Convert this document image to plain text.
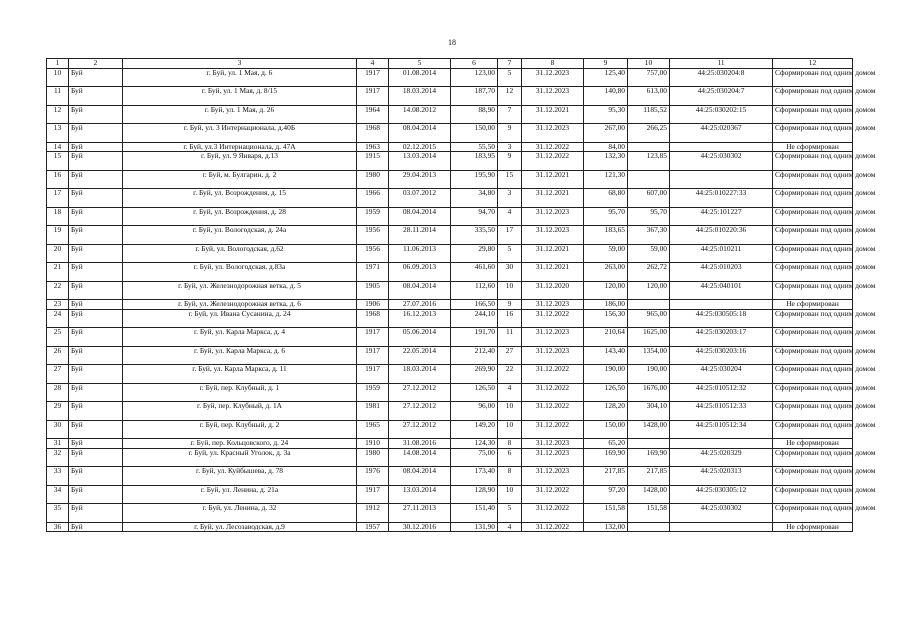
18
1	2	3	4	5	6	7	8	9	10	11	12
10	Буй	г. Буй, ул. 1 Мая, д. 6	1917	01.08.2014	123,00	5	31.12.2023	125,40	757,00	44:25:030204:8	Сформирован под одним домом
11	Буй	г. Буй, ул. 1 Мая, д. 8/15	1917	18.03.2014	187,70	12	31.12.2023	140,80	613,00	44:25:030204:7	Сформирован под одним домом
12	Буй	г. Буй, ул. 1 Мая, д. 26	1964	14.08.2012	88,90	7	31.12.2021	95,30	1185,52	44:25:030202:15	Сформирован под одним домом
13	Буй	г. Буй, ул. 3 Интернационала, д.40Б	1968	08.04.2014	150,00	9	31.12.2023	267,00	266,25	44:25:020367	Сформирован под одним домом
14	Буй	г. Буй, ул.3 Интернационала, д. 47А	1963	02.12.2015	55,50	3	31.12.2022	84,00			Не сформирован
15	Буй	г. Буй, ул. 9 Января, д.13	1915	13.03.2014	183,95	9	31.12.2022	132,30	123,85	44:25:030302	Сформирован под одним домом
16	Буй	г. Буй, м. Булгарин, д. 2	1980	29.04.2013	195,90	15	31.12.2021	121,30			Сформирован под одним домом
17	Буй	г. Буй, ул. Возрождения, д. 15	1966	03.07.2012	34,80	3	31.12.2021	68,80	607,00	44:25:010227:33	Сформирован под одним домом
18	Буй	г. Буй, ул. Возрождения, д. 28	1959	08.04.2014	94,70	4	31.12.2023	95,70	95,70	44:25:101227	Сформирован под одним домом
19	Буй	г. Буй, ул. Вологодская, д. 24а	1956	28.11.2014	335,50	17	31.12.2023	183,65	367,30	44:25:010220:36	Сформирован под одним домом
20	Буй	г. Буй, ул. Вологодская, д.62	1956	11.06.2013	29,80	5	31.12.2021	59,00	59,00	44:25:010211	Сформирован под одним домом
21	Буй	г. Буй, ул. Вологодская, д.83а	1971	06.09.2013	461,60	30	31.12.2021	263,00	262,72	44:25:010203	Сформирован под одним домом
22	Буй	г. Буй, ул. Железнодорожная ветка, д. 5	1905	08.04.2014	112,60	10	31.12.2020	120,00	120,00	44:25:040101	Сформирован под одним домом
23	Буй	г. Буй, ул. Железнодорожная ветка, д. 6	1906	27.07.2016	166,50	9	31.12.2023	186,00			Не сформирован
24	Буй	г. Буй, ул. Ивана Сусанина, д. 24	1968	16.12.2013	244,10	16	31.12.2022	156,30	965,00	44:25:030505:18	Сформирован под одним домом
25	Буй	г. Буй, ул. Карла Маркса, д. 4	1917	05.06.2014	191,70	11	31.12.2023	210,64	1625,00	44:25:030203:17	Сформирован под одним домом
26	Буй	г. Буй, ул. Карла Маркса, д. 6	1917	22.05.2014	212,40	27	31.12.2023	143,40	1354,00	44:25:030203:16	Сформирован под одним домом
27	Буй	г. Буй, ул. Карла Маркса, д. 11	1917	18.03.2014	269,90	22	31.12.2022	190,00	190,00	44:25:030204	Сформирован под одним домом
28	Буй	г. Буй, пер. Клубный, д. 1	1959	27.12.2012	126,50	4	31.12.2022	126,50	1676,00	44:25:010512:32	Сформирован под одним домом
29	Буй	г. Буй, пер. Клубный, д. 1А	1981	27.12.2012	96,00	10	31.12.2022	128,20	304,10	44:25:010512:33	Сформирован под одним домом
30	Буй	г. Буй, пер. Клубный, д. 2	1965	27.12.2012	149,20	10	31.12.2022	150,00	1428,00	44:25:010512:34	Сформирован под одним домом
31	Буй	г. Буй, пер. Кольцовского, д. 24	1910	31.08.2016	124,30	8	31.12.2023	65,20			Не сформирован
32	Буй	г. Буй, ул. Красный Уголок, д. 3а	1980	14.08.2014	75,00	6	31.12.2023	169,90	169,90	44:25:020329	Сформирован под одним домом
33	Буй	г. Буй, ул. Куйбышева, д. 78	1976	08.04.2014	173,40	8	31.12.2023	217,85	217,85	44:25:020313	Сформирован под одним домом
34	Буй	г. Буй, ул. Ленина, д. 21а	1917	13.03.2014	128,90	10	31.12.2022	97,20	1428,00	44:25:030305:12	Сформирован под одним домом
35	Буй	г. Буй, ул. Ленина, д. 32	1912	27.11.2013	151,40	5	31.12.2022	151,58	151,58	44:25:030302	Сформирован под одним домом
36	Буй	г. Буй, ул. Лесозаводская, д.9	1957	30.12.2016	131,90	4	31.12.2022	132,00			Не сформирован
